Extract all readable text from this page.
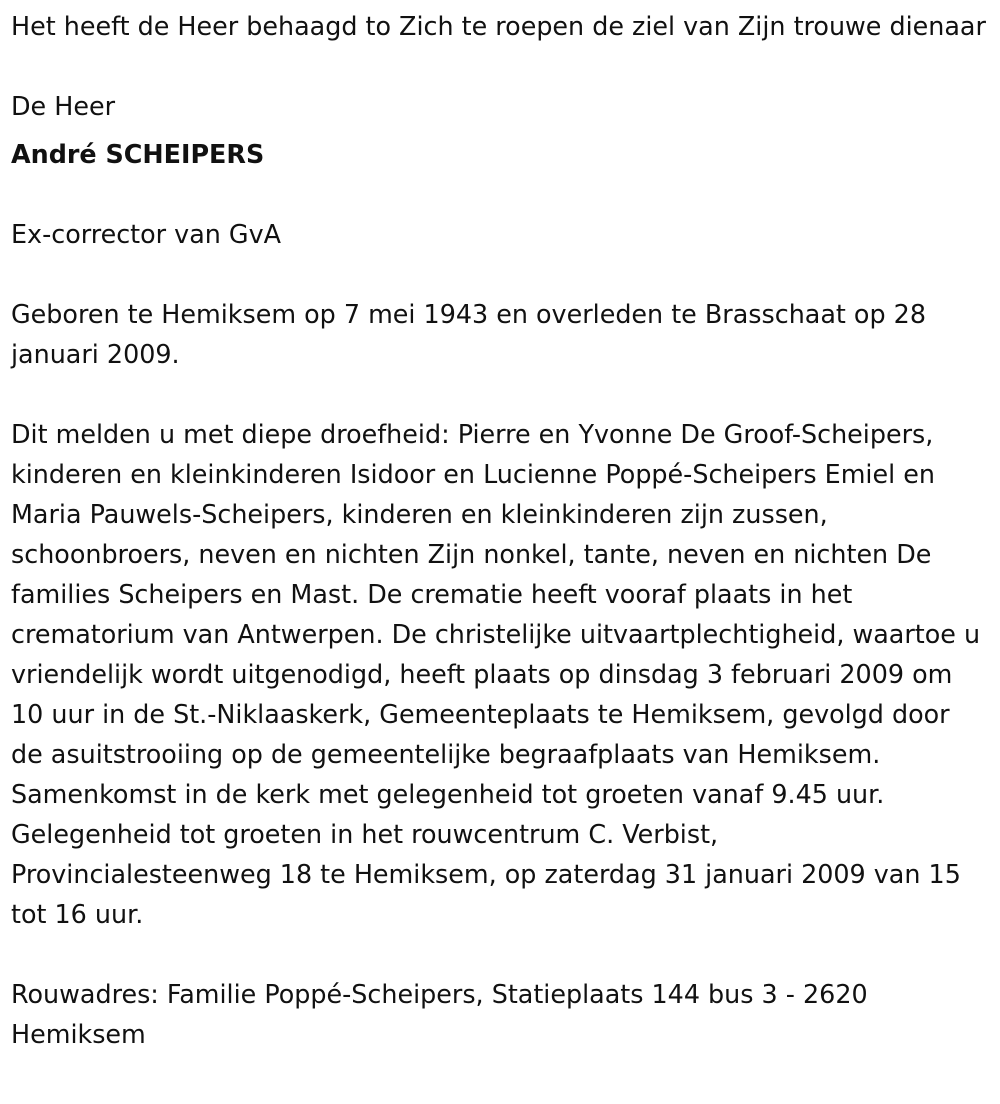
Het heeft de Heer behaagd to Zich te roepen de ziel van Zijn trouwe dienaar

De Heer

André SCHEIPERS

Ex-corrector van GvA

Geboren te Hemiksem op 7 mei 1943 en overleden te Brasschaat op 28 januari 2009.

Dit melden u met diepe droefheid: Pierre en Yvonne De Groof-Scheipers, kinderen en kleinkinderen Isidoor en Lucienne Poppé-Scheipers Emiel en Maria Pauwels-Scheipers, kinderen en kleinkinderen zijn zussen, schoonbroers, neven en nichten Zijn nonkel, tante, neven en nichten De families Scheipers en Mast. De crematie heeft vooraf plaats in het crematorium van Antwerpen. De christelijke uitvaartplechtigheid, waartoe u vriendelijk wordt uitgenodigd, heeft plaats op dinsdag 3 februari 2009 om 10 uur in de St.-Niklaaskerk, Gemeenteplaats te Hemiksem, gevolgd door de asuitstrooiing op de gemeentelijke begraafplaats van Hemiksem. Samenkomst in de kerk met gelegenheid tot groeten vanaf 9.45 uur. Gelegenheid tot groeten in het rouwcentrum C. Verbist, Provincialesteenweg 18 te Hemiksem, op zaterdag 31 januari 2009 van 15 tot 16 uur.

Rouwadres: Familie Poppé-Scheipers, Statieplaats 144 bus 3 - 2620 Hemiksem
